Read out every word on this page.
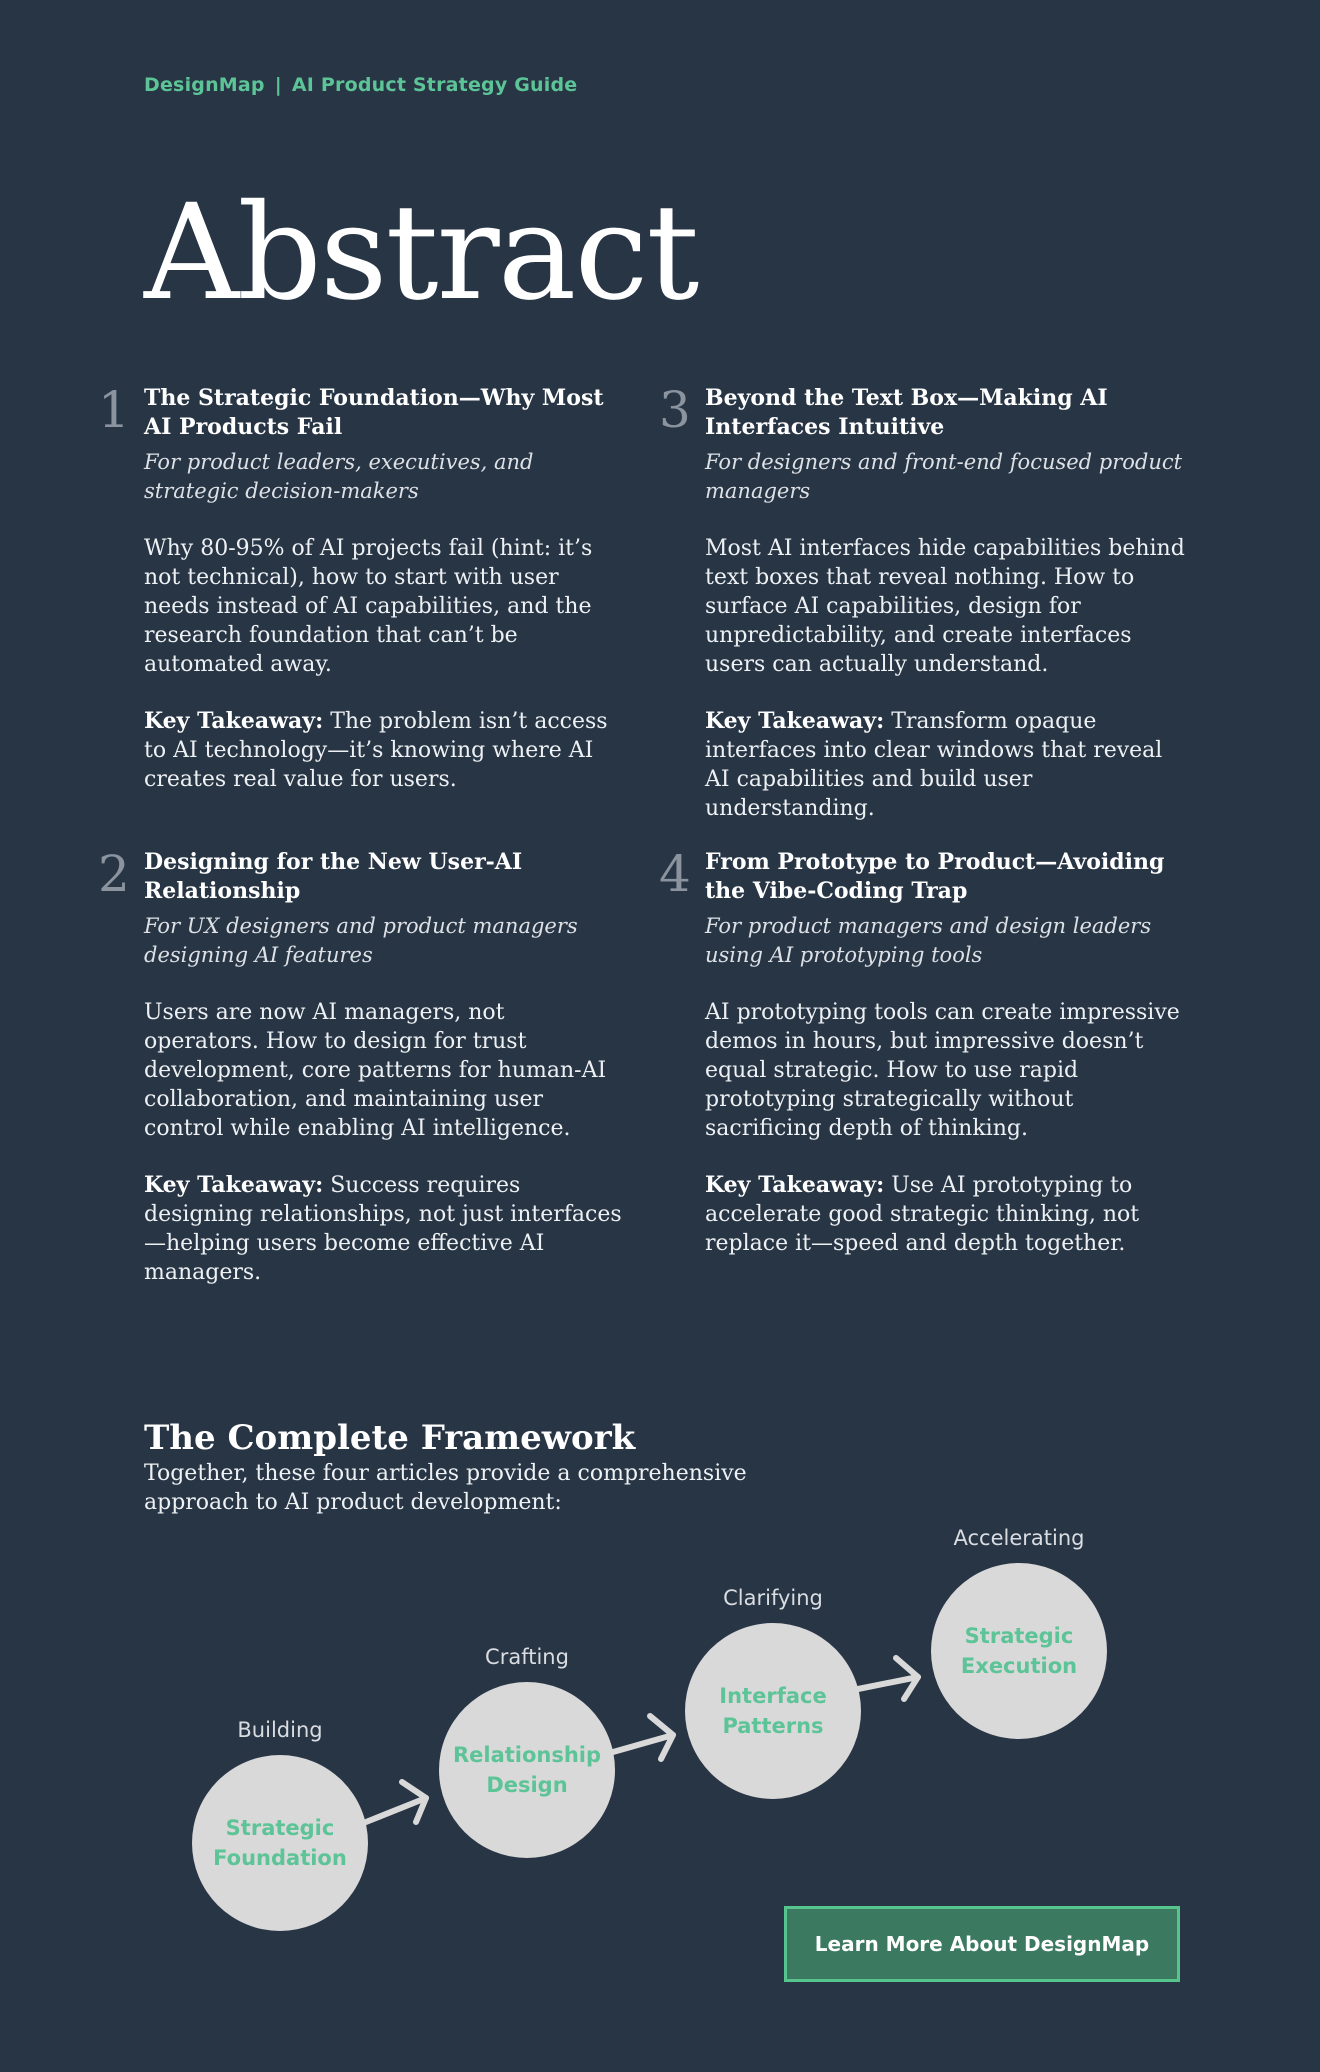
DesignMap | AI Product Strategy Guide
Abstract
1 The Strategic Foundation—Why Most AI Products Fail

For product leaders, executives, and strategic decision-makers

Why 80-95% of AI projects fail (hint: it’s not technical), how to start with user needs instead of AI capabilities, and the research foundation that can’t be automated away.

Key Takeaway: The problem isn’t access to AI technology—it’s knowing where AI creates real value for users.

2 Designing for the New User-AI Relationship

For UX designers and product managers designing AI features

Users are now AI managers, not operators. How to design for trust development, core patterns for human-AI collaboration, and maintaining user control while enabling AI intelligence.

Key Takeaway: Success requires designing relationships, not just interfaces—helping users become effective AI managers.

3 Beyond the Text Box—Making AI Interfaces Intuitive

For designers and front-end focused product managers

Most AI interfaces hide capabilities behind text boxes that reveal nothing. How to surface AI capabilities, design for unpredictability, and create interfaces users can actually understand.

Key Takeaway: Transform opaque interfaces into clear windows that reveal AI capabilities and build user understanding.

4 From Prototype to Product—Avoiding the Vibe-Coding Trap

For product managers and design leaders using AI prototyping tools

AI prototyping tools can create impressive demos in hours, but impressive doesn’t equal strategic. How to use rapid prototyping strategically without sacrificing depth of thinking.

Key Takeaway: Use AI prototyping to accelerate good strategic thinking, not replace it—speed and depth together.

The Complete Framework

Together, these four articles provide a comprehensive approach to AI product development:

Building
Strategic Foundation
Crafting
Relationship Design
Clarifying
Interface Patterns
Accelerating
Strategic Execution
Learn More About DesignMap
